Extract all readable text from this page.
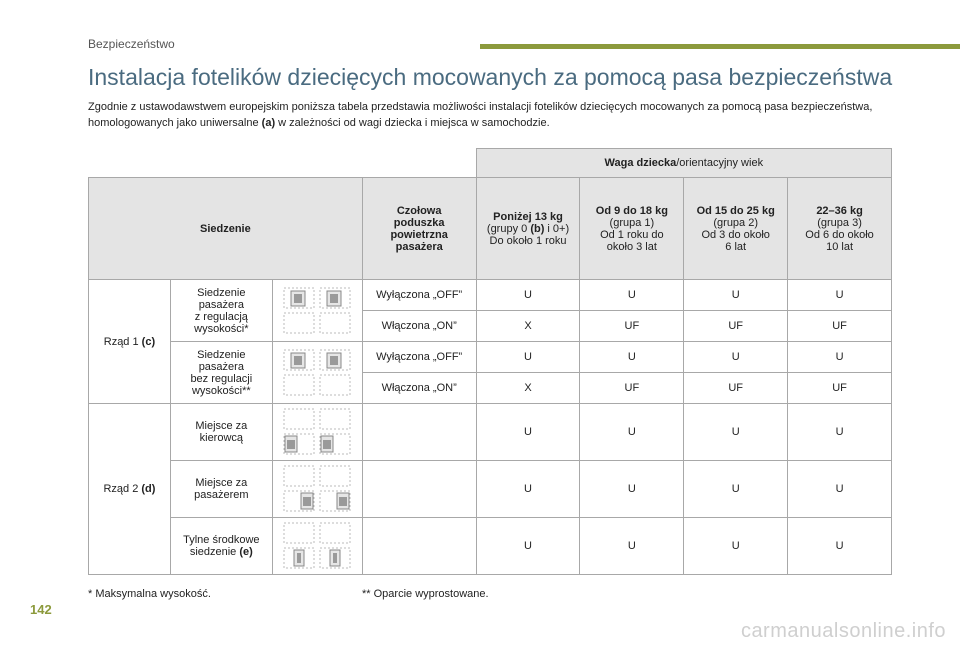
Bezpieczeństwo
Instalacja fotelików dziecięcych mocowanych za pomocą pasa bezpieczeństwa
Zgodnie z ustawodawstwem europejskim poniższa tabela przedstawia możliwości instalacji fotelików dziecięcych mocowanych za pomocą pasa bezpieczeństwa, homologowanych jako uniwersalne (a) w zależności od wagi dziecka i miejsca w samochodzie.
				Waga dziecka/orientacyjny wiek			
Siedzenie			Czołowa
poduszka
powietrzna
pasażera	Poniżej 13 kg
(grupy 0 (b) i 0+)
Do około 1 roku	Od 9 do 18 kg
(grupa 1)
Od 1 roku do
około 3 lat	Od 15 do 25 kg
(grupa 2)
Od 3 do około
6 lat	22–36 kg
(grupa 3)
Od 6 do około
10 lat

Rząd 1 (c)	Siedzenie pasażera
z regulacją
wysokości*		Wyłączona „OFF”	U	U	U	U
			Włączona „ON”	X	UF	UF	UF

	Siedzenie pasażera
bez regulacji
wysokości**		Wyłączona „OFF”	U	U	U	U
			Włączona „ON”	X	UF	UF	UF
Rząd 2 (d)	Miejsce za
kierowcą			U	U	U	U

	Miejsce za
pasażerem			U	U	U	U

	Tylne środkowe
siedzenie (e)			U	U	U	U
* Maksymalna wysokość.	** Oparcie wyprostowane.
142
carmanualsonline.info
